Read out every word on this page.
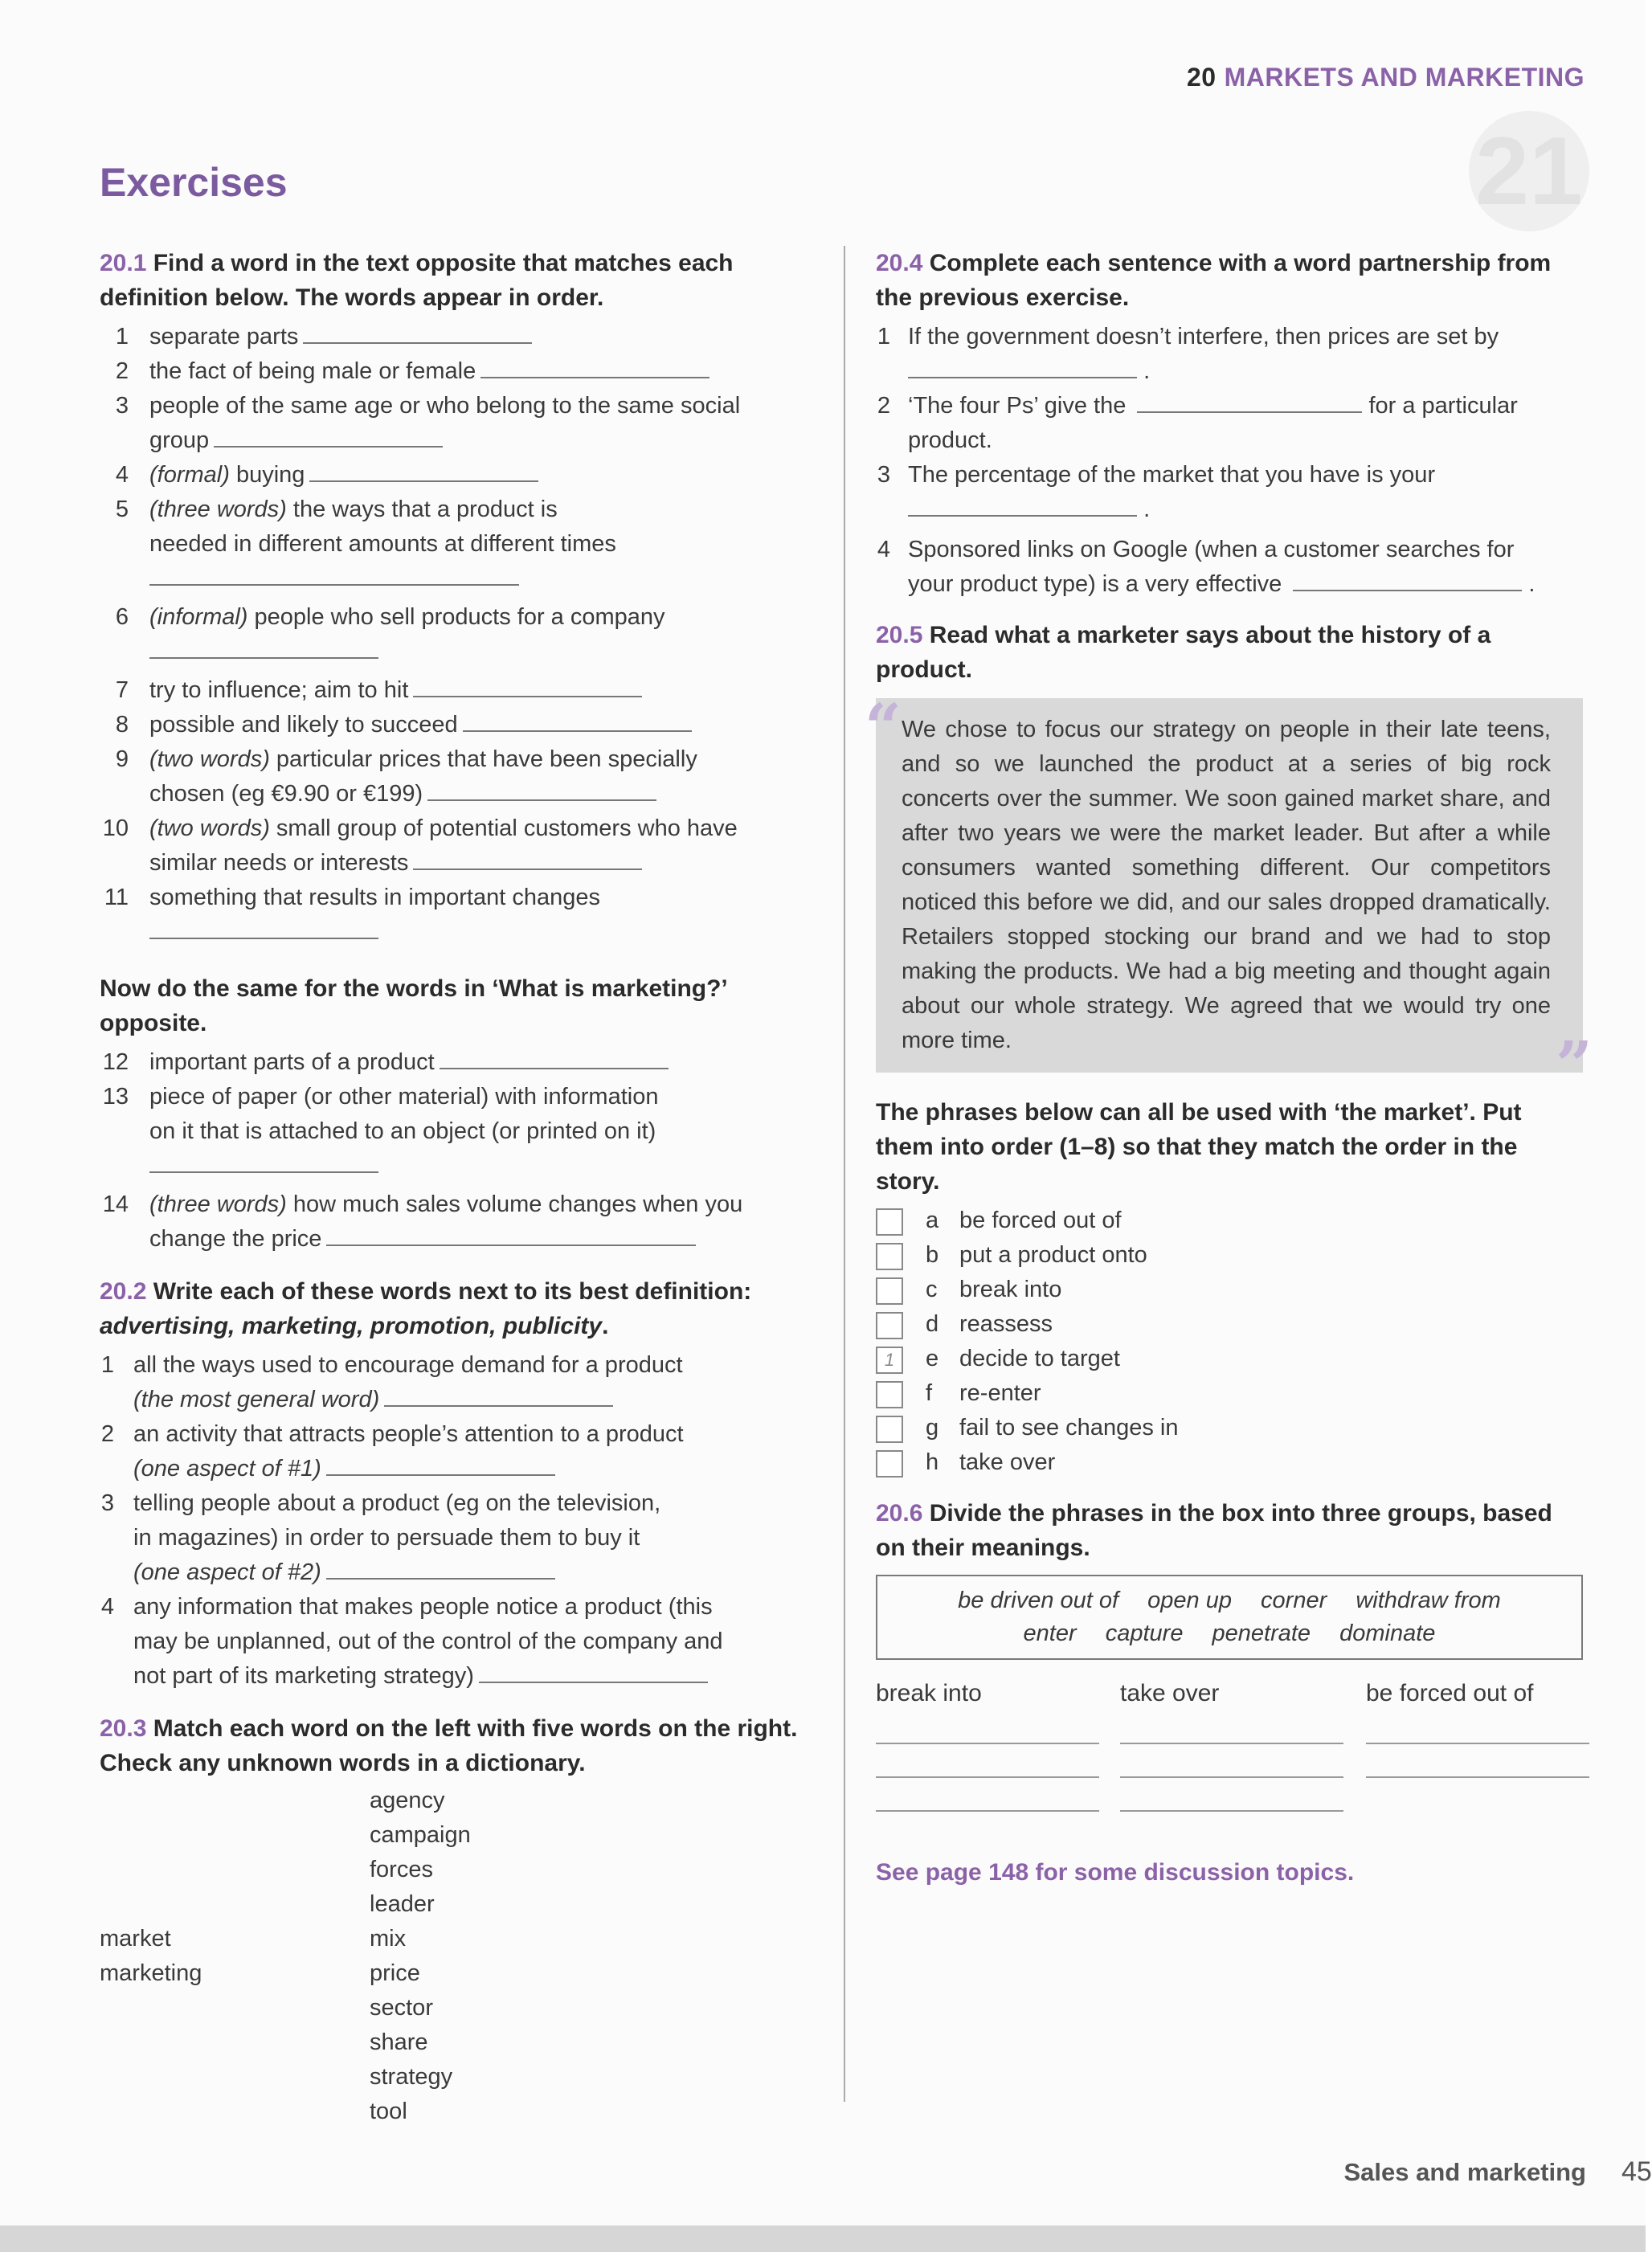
21
20 MARKETS AND MARKETING
Exercises

20.1 Find a word in the text opposite that matches each definition below. The words appear in order.

1 separate parts
2 the fact of being male or female
3 people of the same age or who belong to the same social
group
4 (formal) buying
5 (three words) the ways that a product is
needed in different amounts at different times
6 (informal) people who sell products for a company
7 try to influence; aim to hit
8 possible and likely to succeed
9 (two words) particular prices that have been specially
chosen (eg €9.90 or €199)
10 (two words) small group of potential customers who have
similar needs or interests
11 something that results in important changes

Now do the same for the words in ‘What is marketing?’ opposite.

12 important parts of a product
13 piece of paper (or other material) with information
on it that is attached to an object (or printed on it)
14 (three words) how much sales volume changes when you
change the price

20.2 Write each of these words next to its best definition: advertising, marketing, promotion, publicity.

1 all the ways used to encourage demand for a product
(the most general word)
2 an activity that attracts people’s attention to a product
(one aspect of #1)
3 telling people about a product (eg on the television,
in magazines) in order to persuade them to buy it
(one aspect of #2)
4 any information that makes people notice a product (this
may be unplanned, out of the control of the company and
not part of its marketing strategy)

20.3 Match each word on the left with five words on the right. Check any unknown words in a dictionary.

market
marketing
agency
campaign
forces
leader
mix
price
sector
share
strategy
tool

20.4 Complete each sentence with a word partnership from the previous exercise.

1 If the government doesn’t interfere, then prices are set by
.
2 ‘The four Ps’ give the	for a particular
product.
3 The percentage of the market that you have is your
.
4 Sponsored links on Google (when a customer searches for
your product type) is a very effective	.

20.5 Read what a marketer says about the history of a product.

“ We chose to focus our strategy on people in their late teens, and so we launched the product at a series of big rock concerts over the summer. We soon gained market share, and after two years we were the market leader. But after a while consumers wanted something different. Our competitors noticed this before we did, and our sales dropped dramatically. Retailers stopped stocking our brand and we had to stop making the products. We had a big meeting and thought again about our whole strategy. We agreed that we would try one more time.	”

The phrases below can all be used with ‘the market’. Put them into order (1–8) so that they match the order in the story.

a be forced out of
b put a product onto
c break into
d reassess
1	e decide to target
f re-enter
g fail to see changes in
h take over

20.6 Divide the phrases in the box into three groups, based on their meanings.

be driven out of open up corner withdraw from
enter capture penetrate dominate
break into	take over	be forced out of
See page 148 for some discussion topics.
Sales and marketing 45
